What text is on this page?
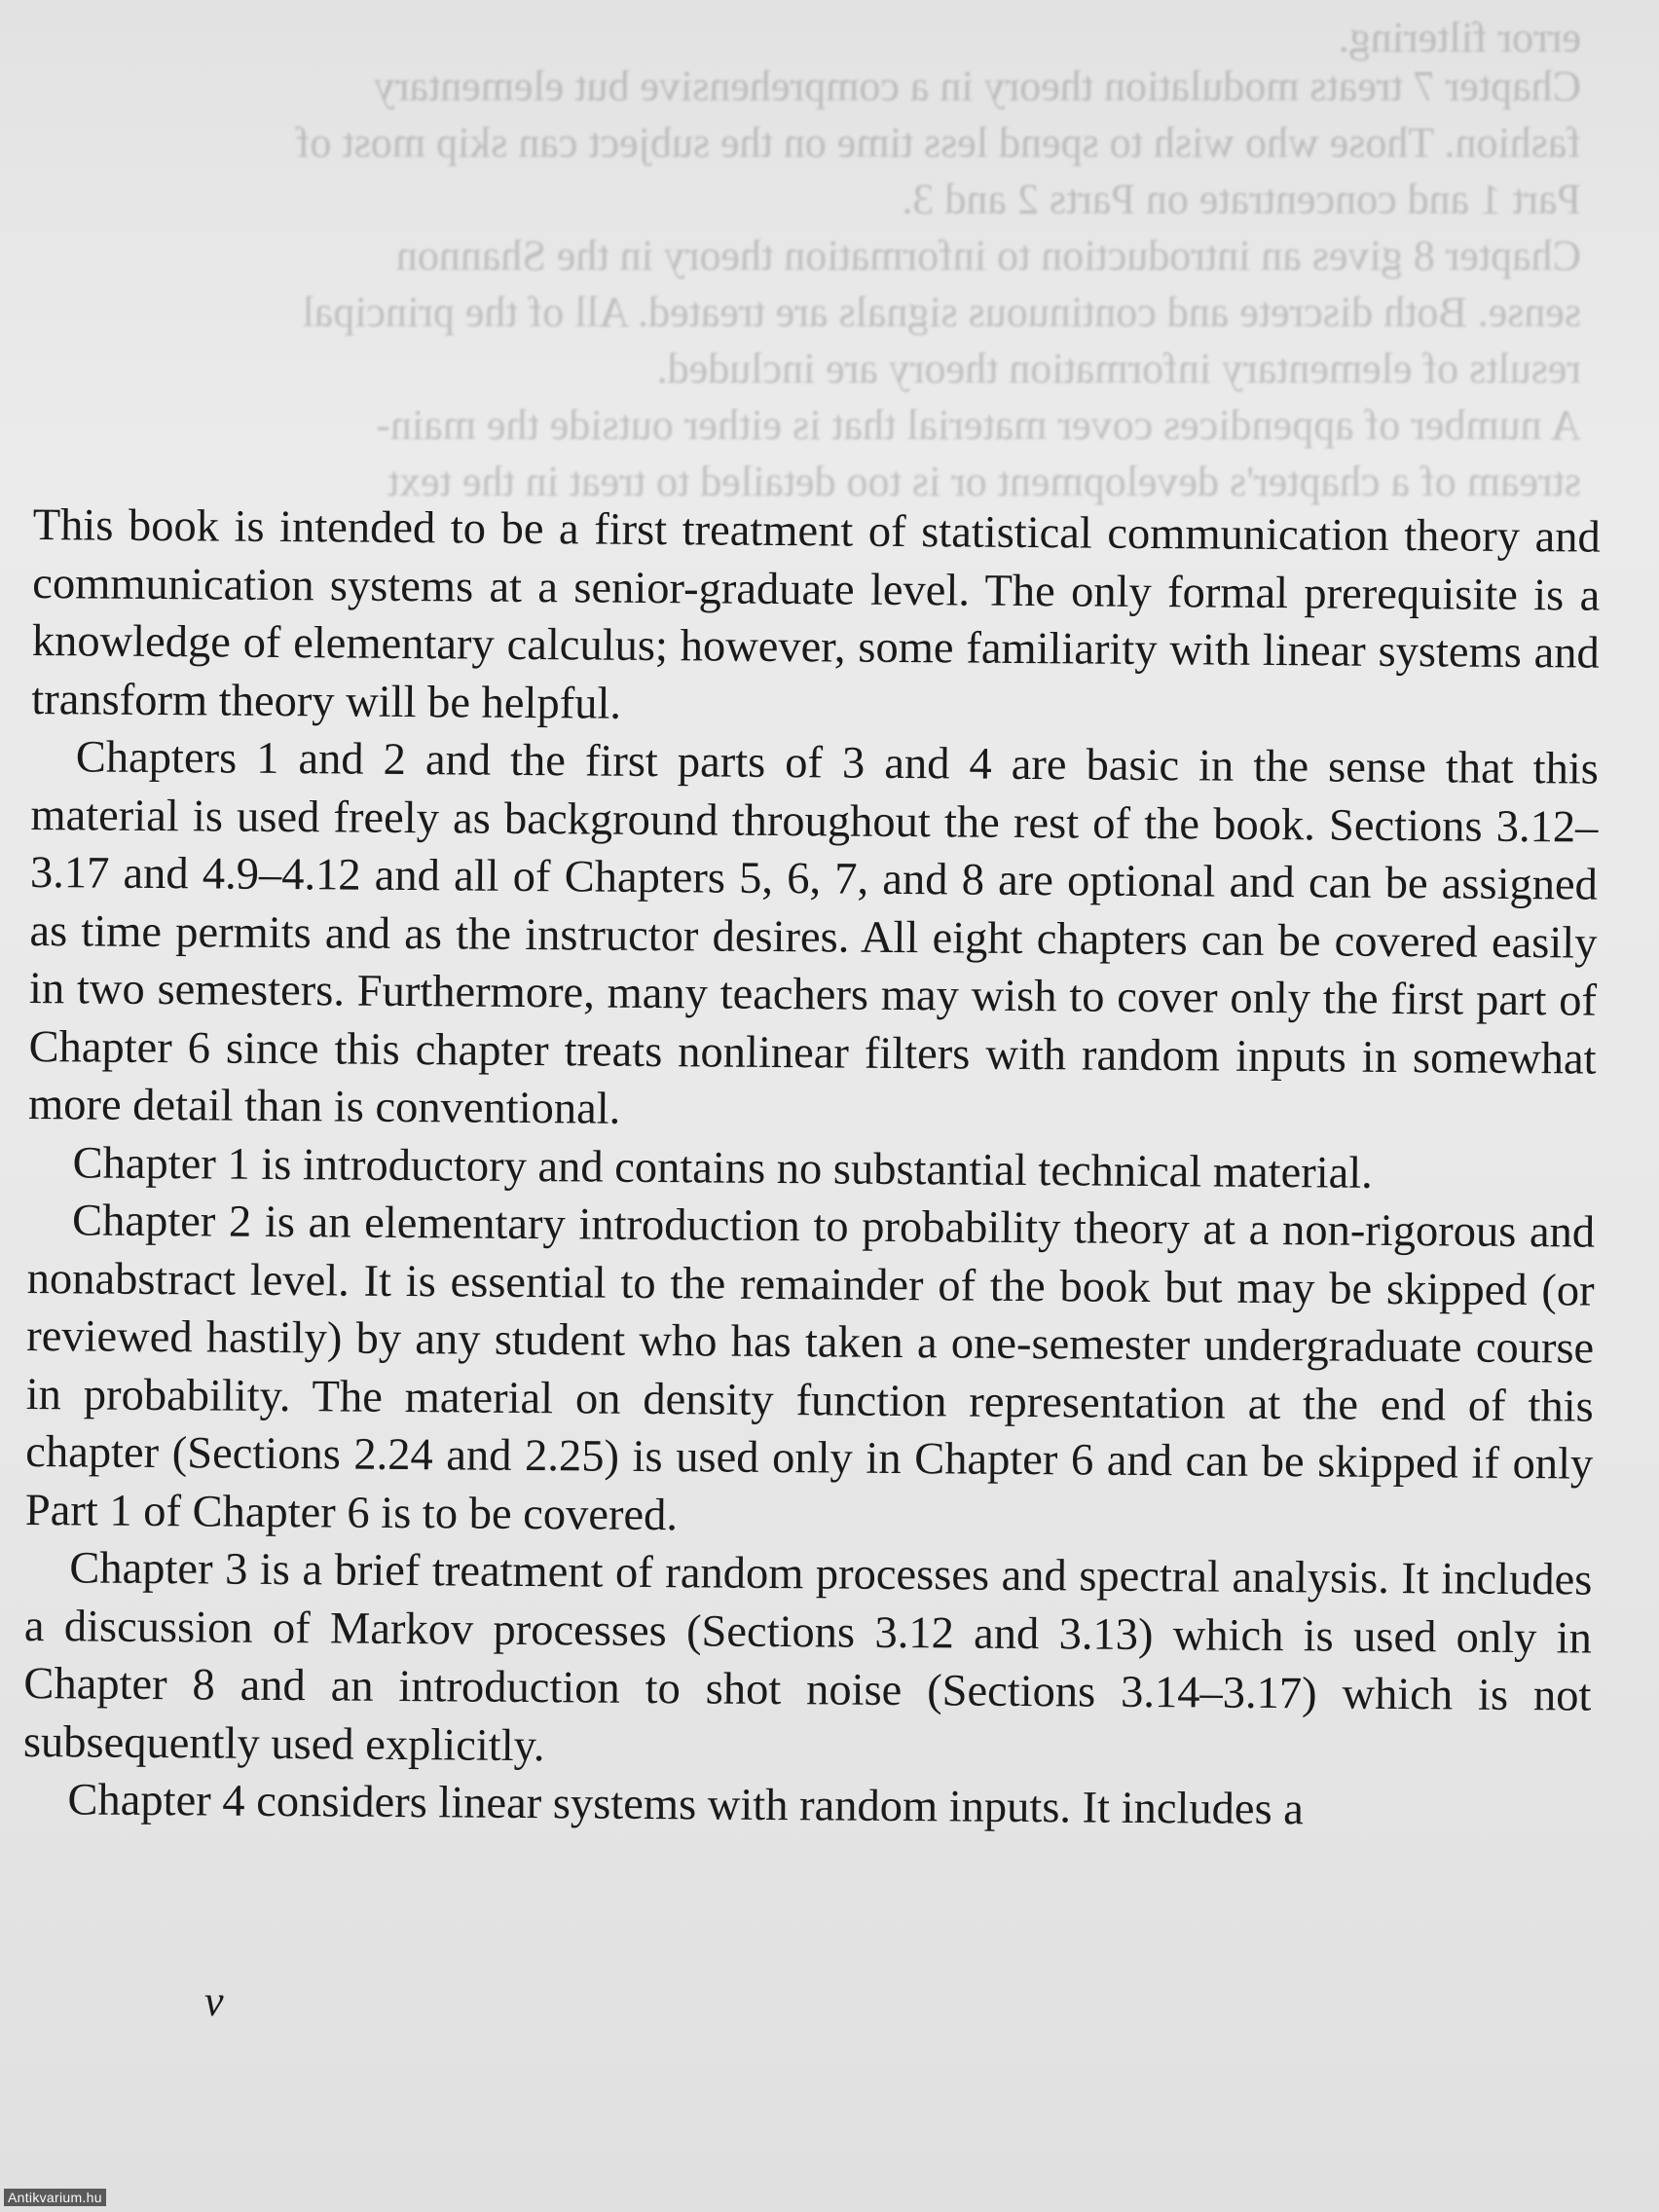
error filtering.
Chapter 7 treats modulation theory in a comprehensive but elementary
fashion. Those who wish to spend less time on the subject can skip most of
Part 1 and concentrate on Parts 2 and 3.
Chapter 8 gives an introduction to information theory in the Shannon
sense. Both discrete and continuous signals are treated. All of the principal
results of elementary information theory are included.
A number of appendices cover material that is either outside the main-
stream of a chapter's development or is too detailed to treat in the text

This book is intended to be a first treatment of statistical communication theory and communication systems at a senior-graduate level. The only formal prerequisite is a knowledge of elementary calculus; however, some familiarity with linear systems and transform theory will be helpful.

Chapters 1 and 2 and the first parts of 3 and 4 are basic in the sense that this material is used freely as background throughout the rest of the book. Sections 3.12–3.17 and 4.9–4.12 and all of Chapters 5, 6, 7, and 8 are optional and can be assigned as time permits and as the instructor desires. All eight chapters can be covered easily in two semesters. Furthermore, many teachers may wish to cover only the first part of Chapter 6 since this chapter treats nonlinear filters with random inputs in somewhat more detail than is conventional.

Chapter 1 is introductory and contains no substantial technical material.

Chapter 2 is an elementary introduction to probability theory at a non-rigorous and nonabstract level. It is essential to the remainder of the book but may be skipped (or reviewed hastily) by any student who has taken a one-semester undergraduate course in probability. The material on density function representation at the end of this chapter (Sections 2.24 and 2.25) is used only in Chapter 6 and can be skipped if only Part 1 of Chapter 6 is to be covered.

Chapter 3 is a brief treatment of random processes and spectral analysis. It includes a discussion of Markov processes (Sections 3.12 and 3.13) which is used only in Chapter 8 and an introduction to shot noise (Sections 3.14–3.17) which is not subsequently used explicitly.

Chapter 4 considers linear systems with random inputs. It includes a

v
Antikvarium.hu
